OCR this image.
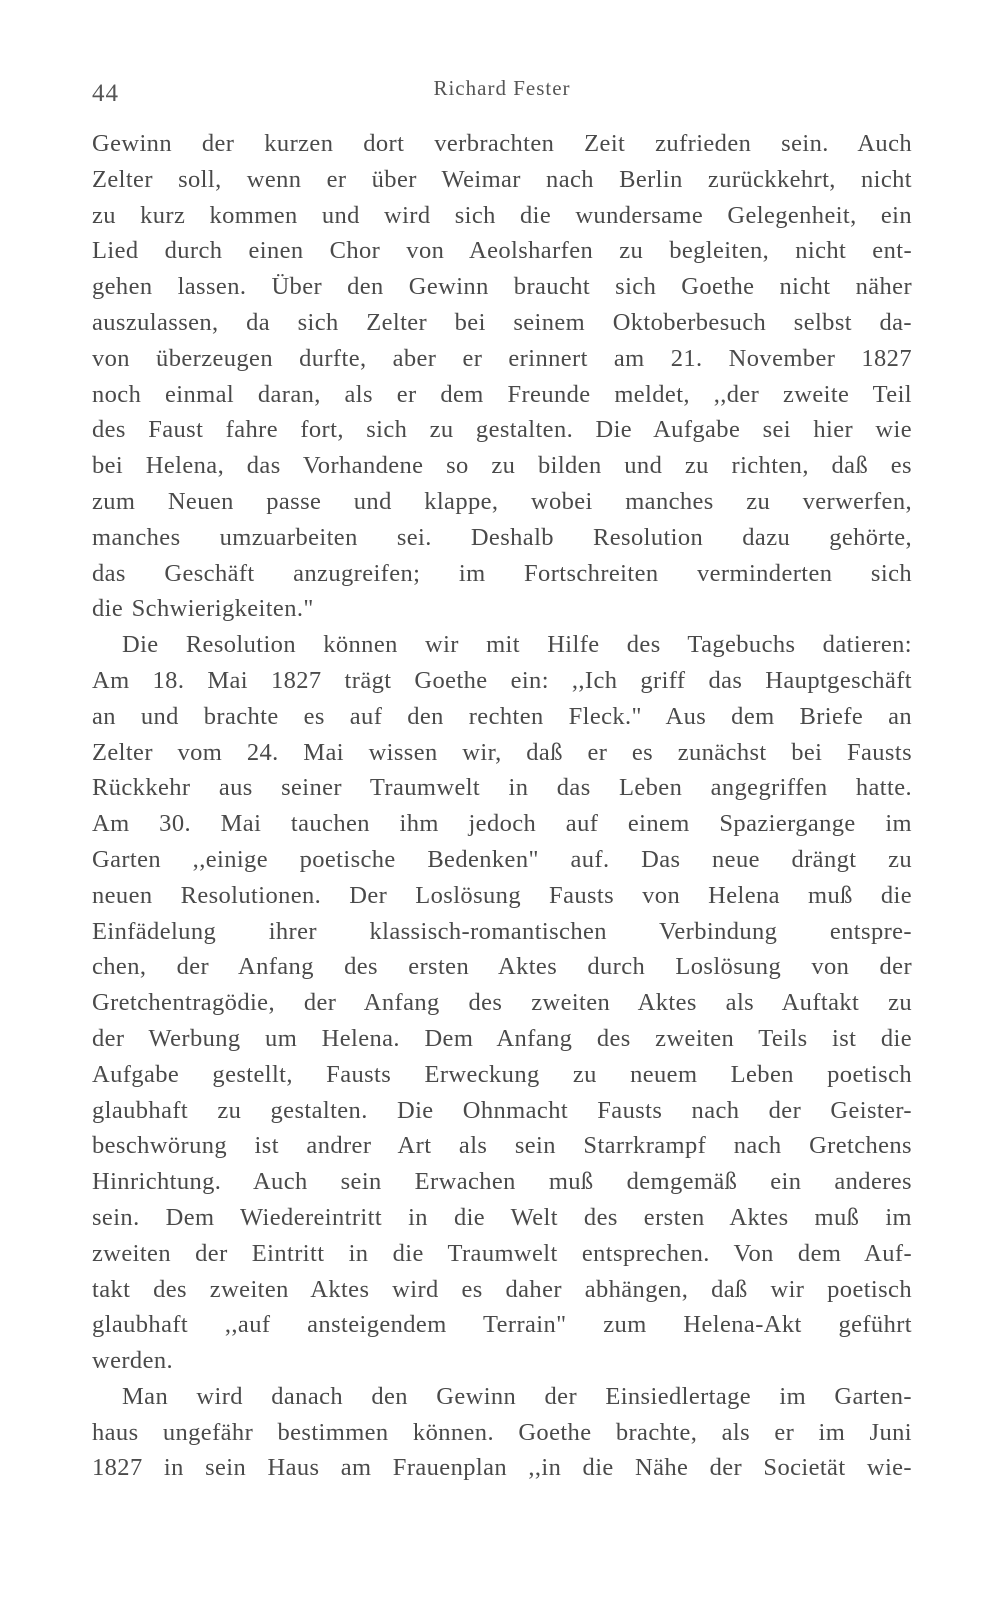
44	Richard Fester
Gewinn der kurzen dort verbrachten Zeit zufrieden sein. Auch
Zelter soll, wenn er über Weimar nach Berlin zurückkehrt, nicht
zu kurz kommen und wird sich die wundersame Gelegenheit, ein
Lied durch einen Chor von Aeolsharfen zu begleiten, nicht ent-
gehen lassen. Über den Gewinn braucht sich Goethe nicht näher
auszulassen, da sich Zelter bei seinem Oktoberbesuch selbst da-
von überzeugen durfte, aber er erinnert am 21. November 1827
noch einmal daran, als er dem Freunde meldet, ,,der zweite Teil
des Faust fahre fort, sich zu gestalten. Die Aufgabe sei hier wie
bei Helena, das Vorhandene so zu bilden und zu richten, daß es
zum Neuen passe und klappe, wobei manches zu verwerfen,
manches umzuarbeiten sei. Deshalb Resolution dazu gehörte,
das Geschäft anzugreifen; im Fortschreiten verminderten sich
die Schwierigkeiten."
Die Resolution können wir mit Hilfe des Tagebuchs datieren:
Am 18. Mai 1827 trägt Goethe ein: ,,Ich griff das Hauptgeschäft
an und brachte es auf den rechten Fleck." Aus dem Briefe an
Zelter vom 24. Mai wissen wir, daß er es zunächst bei Fausts
Rückkehr aus seiner Traumwelt in das Leben angegriffen hatte.
Am 30. Mai tauchen ihm jedoch auf einem Spaziergange im
Garten ,,einige poetische Bedenken" auf. Das neue drängt zu
neuen Resolutionen. Der Loslösung Fausts von Helena muß die
Einfädelung ihrer klassisch-romantischen Verbindung entspre-
chen, der Anfang des ersten Aktes durch Loslösung von der
Gretchentragödie, der Anfang des zweiten Aktes als Auftakt zu
der Werbung um Helena. Dem Anfang des zweiten Teils ist die
Aufgabe gestellt, Fausts Erweckung zu neuem Leben poetisch
glaubhaft zu gestalten. Die Ohnmacht Fausts nach der Geister-
beschwörung ist andrer Art als sein Starrkrampf nach Gretchens
Hinrichtung. Auch sein Erwachen muß demgemäß ein anderes
sein. Dem Wiedereintritt in die Welt des ersten Aktes muß im
zweiten der Eintritt in die Traumwelt entsprechen. Von dem Auf-
takt des zweiten Aktes wird es daher abhängen, daß wir poetisch
glaubhaft ,,auf ansteigendem Terrain" zum Helena-Akt geführt
werden.
Man wird danach den Gewinn der Einsiedlertage im Garten-
haus ungefähr bestimmen können. Goethe brachte, als er im Juni
1827 in sein Haus am Frauenplan ,,in die Nähe der Societät wie-
